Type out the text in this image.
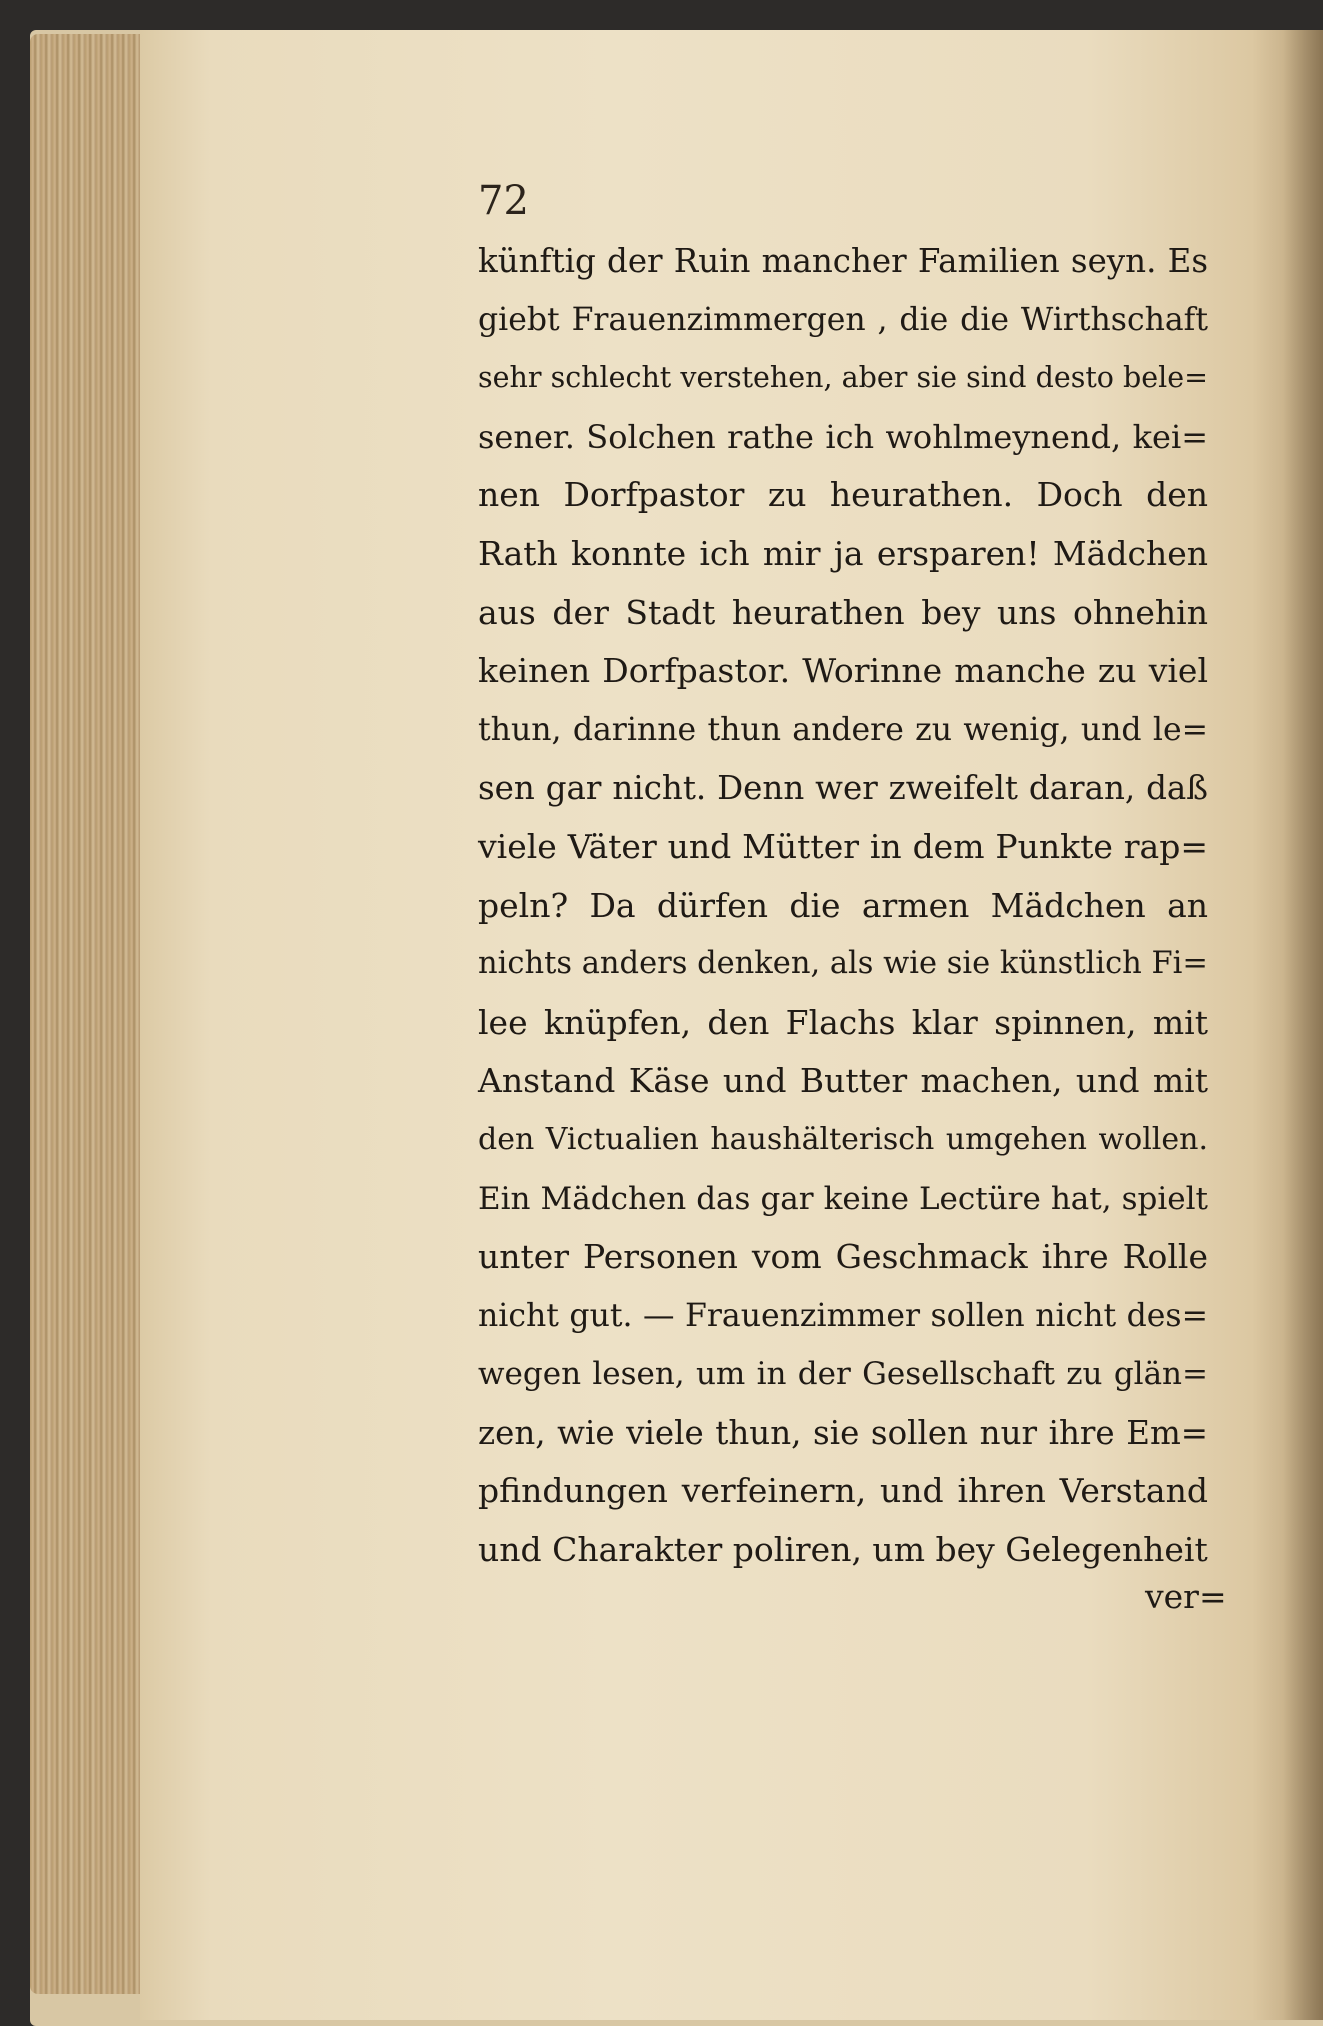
72
künftig der Ruin mancher Familien seyn. Es
giebt Frauenzimmergen , die die Wirthschaft
sehr schlecht verstehen, aber sie sind desto bele=
sener. Solchen rathe ich wohlmeynend, kei=
nen Dorfpastor zu heurathen. Doch den
Rath konnte ich mir ja ersparen! Mädchen
aus der Stadt heurathen bey uns ohnehin
keinen Dorfpastor. Worinne manche zu viel
thun, darinne thun andere zu wenig, und le=
sen gar nicht. Denn wer zweifelt daran, daß
viele Väter und Mütter in dem Punkte rap=
peln? Da dürfen die armen Mädchen an
nichts anders denken, als wie sie künstlich Fi=
lee knüpfen, den Flachs klar spinnen, mit
Anstand Käse und Butter machen, und mit
den Victualien haushälterisch umgehen wollen.
Ein Mädchen das gar keine Lectüre hat, spielt
unter Personen vom Geschmack ihre Rolle
nicht gut. — Frauenzimmer sollen nicht des=
wegen lesen, um in der Gesellschaft zu glän=
zen, wie viele thun, sie sollen nur ihre Em=
pfindungen verfeinern, und ihren Verstand
und Charakter poliren, um bey Gelegenheit
ver=
